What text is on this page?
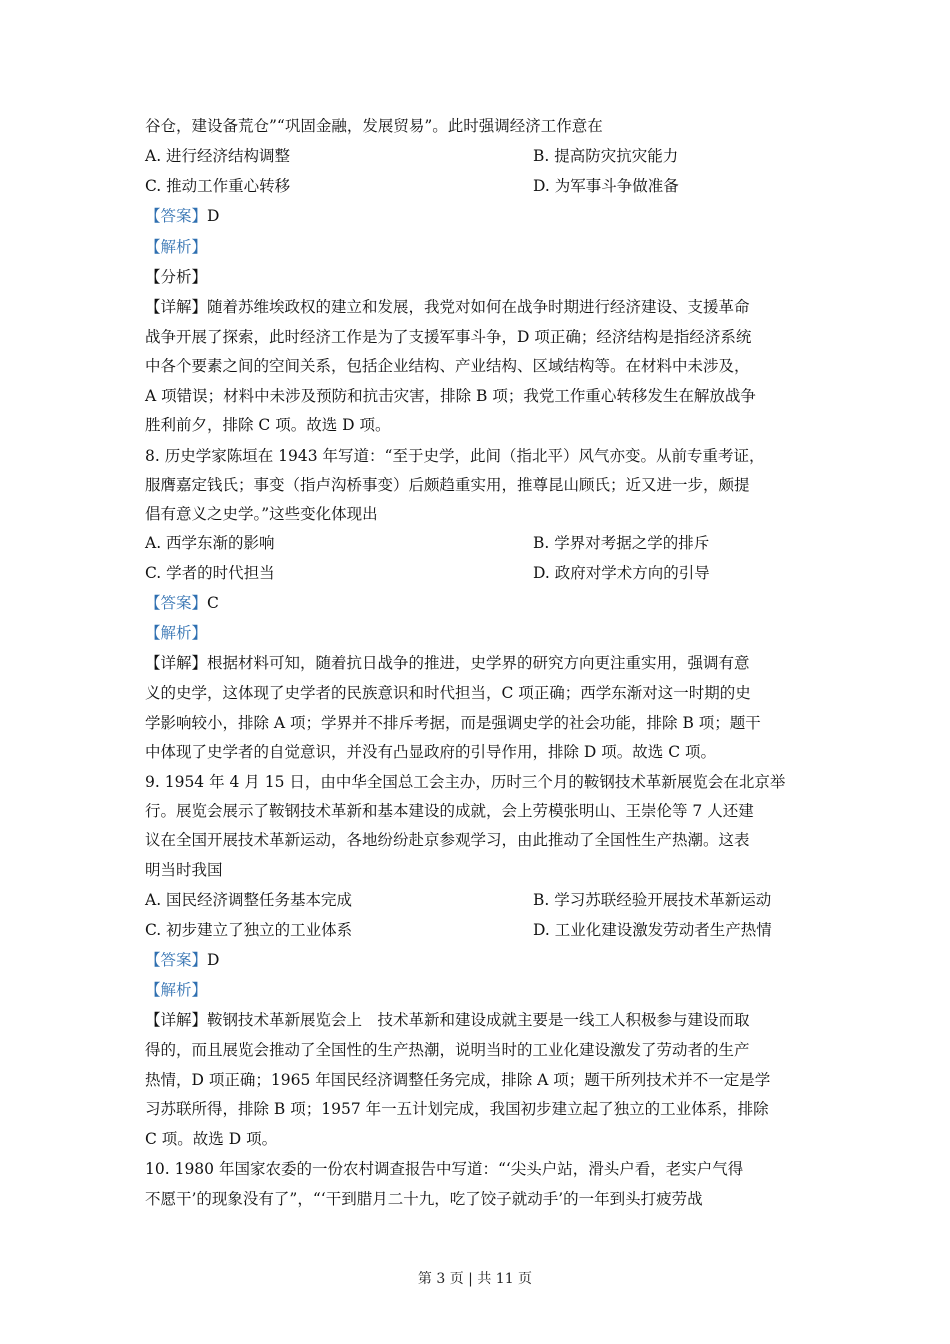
谷仓，建设备荒仓”“巩固金融，发展贸易”。此时强调经济工作意在
A. 进行经济结构调整	B. 提高防灾抗灾能力
C. 推动工作重心转移	D. 为军事斗争做准备
【答案】D
【解析】
【分析】
【详解】随着苏维埃政权的建立和发展，我党对如何在战争时期进行经济建设、支援革命
战争开展了探索，此时经济工作是为了支援军事斗争，D 项正确；经济结构是指经济系统
中各个要素之间的空间关系，包括企业结构、产业结构、区域结构等。在材料中未涉及，
A 项错误；材料中未涉及预防和抗击灾害，排除 B 项；我党工作重心转移发生在解放战争
胜利前夕，排除 C 项。故选 D 项。
8. 历史学家陈垣在 1943 年写道：“至于史学，此间（指北平）风气亦变。从前专重考证，
服膺嘉定钱氏；事变（指卢沟桥事变）后颇趋重实用，推尊昆山顾氏；近又进一步，颇提
倡有意义之史学。”这些变化体现出
A. 西学东渐的影响	B. 学界对考据之学的排斥
C. 学者的时代担当	D. 政府对学术方向的引导
【答案】C
【解析】
【详解】根据材料可知，随着抗日战争的推进，史学界的研究方向更注重实用，强调有意
义的史学，这体现了史学者的民族意识和时代担当，C 项正确；西学东渐对这一时期的史
学影响较小，排除 A 项；学界并不排斥考据，而是强调史学的社会功能，排除 B 项；题干
中体现了史学者的自觉意识，并没有凸显政府的引导作用，排除 D 项。故选 C 项。
9. 1954 年 4 月 15 日，由中华全国总工会主办，历时三个月的鞍钢技术革新展览会在北京举
行。展览会展示了鞍钢技术革新和基本建设的成就，会上劳模张明山、王崇伦等 7 人还建
议在全国开展技术革新运动，各地纷纷赴京参观学习，由此推动了全国性生产热潮。这表
明当时我国
A. 国民经济调整任务基本完成	B. 学习苏联经验开展技术革新运动
C. 初步建立了独立的工业体系	D. 工业化建设激发劳动者生产热情
【答案】D
【解析】
【详解】鞍钢技术革新展览会上　技术革新和建设成就主要是一线工人积极参与建设而取
得的，而且展览会推动了全国性的生产热潮，说明当时的工业化建设激发了劳动者的生产
热情，D 项正确；1965 年国民经济调整任务完成，排除 A 项；题干所列技术并不一定是学
习苏联所得，排除 B 项；1957 年一五计划完成，我国初步建立起了独立的工业体系，排除
C 项。故选 D 项。
10. 1980 年国家农委的一份农村调查报告中写道：“‘尖头户站，滑头户看，老实户气得
不愿干’的现象没有了”，“‘干到腊月二十九，吃了饺子就动手’的一年到头打疲劳战
第 3 页 | 共 11 页
